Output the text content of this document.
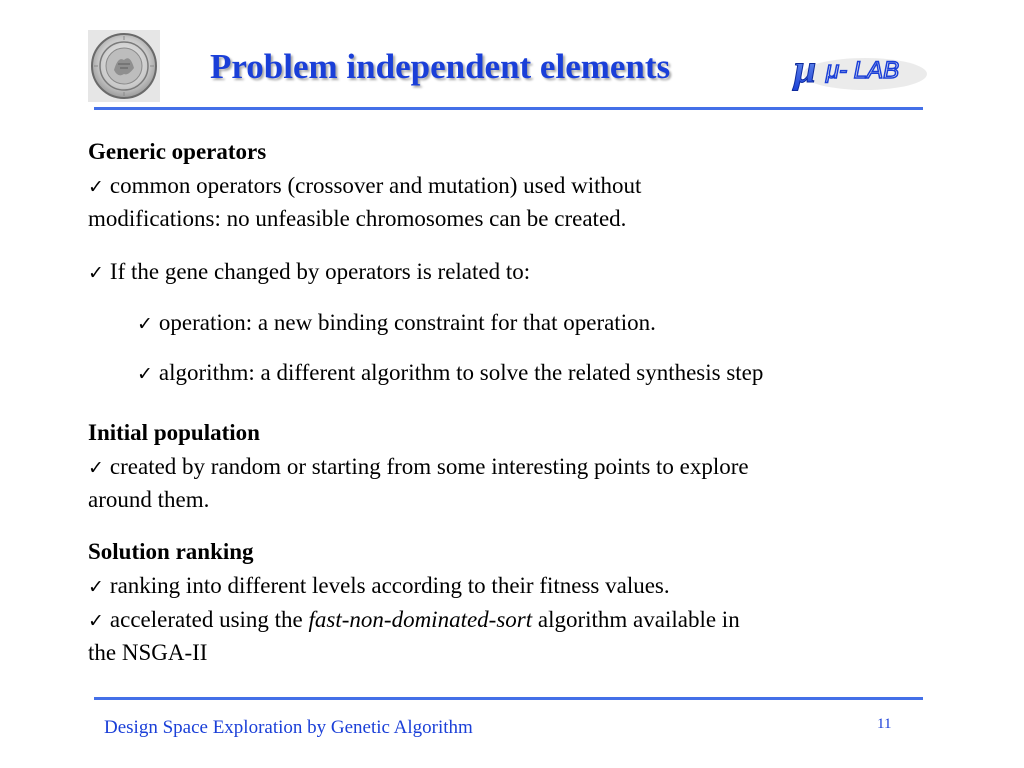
Problem independent elements	μ μ- LAB
Generic operators
✓ common operators (crossover and mutation) used without
modifications: no unfeasible chromosomes can be created.
✓ If the gene changed by operators is related to:
✓ operation: a new binding constraint for that operation.
✓ algorithm: a different algorithm to solve the related synthesis step
Initial population
✓ created by random or starting from some interesting points to explore
around them.
Solution ranking
✓ ranking into different levels according to their fitness values.
✓ accelerated using the fast-non-dominated-sort algorithm available in
the NSGA-II
Design Space Exploration by Genetic Algorithm	11
